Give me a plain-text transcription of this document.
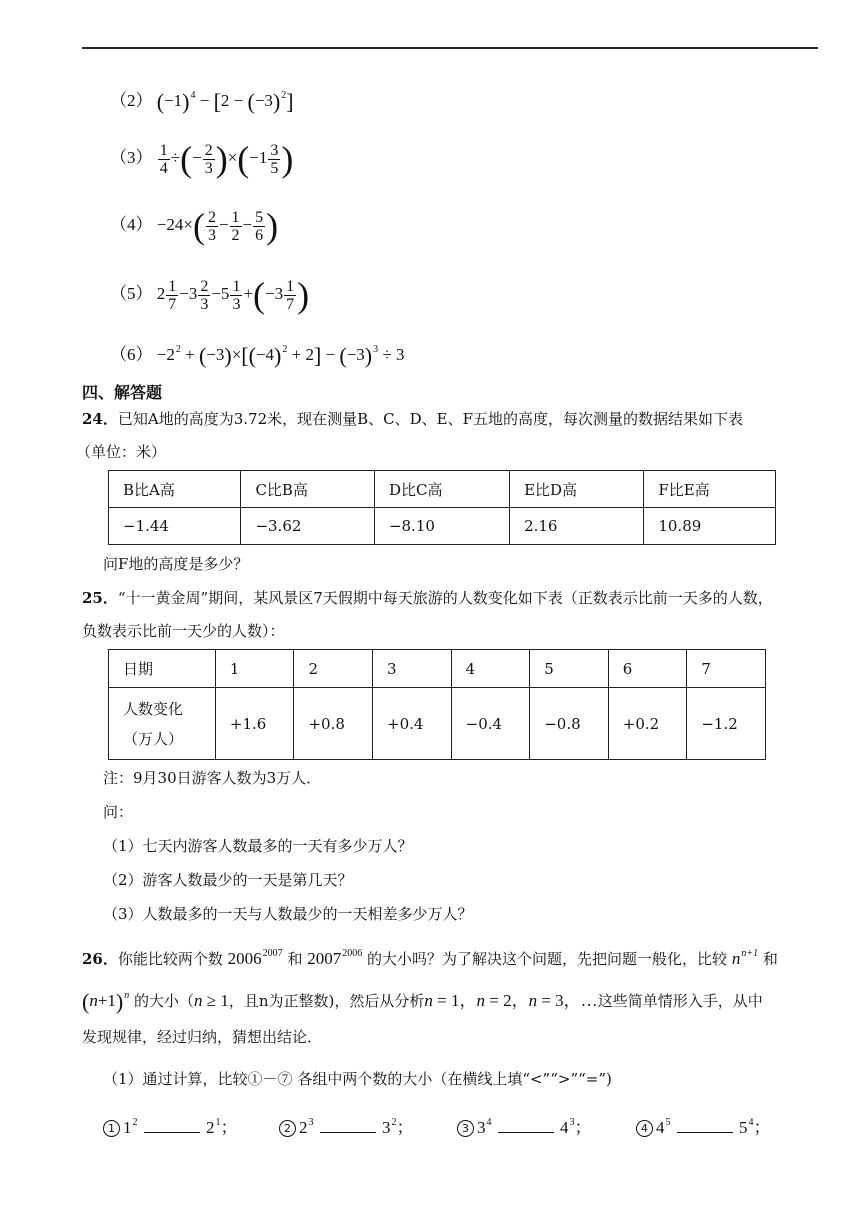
（2） $(-1)^4 - [2 - (-3)^2]$
$(3) \frac{1}{4}$ ÷(− $\frac{2}{3} )\times(-1 \frac{3}{5}$ )
$(4) -24\times( \frac{2}{3} - \frac{1}{2} - \frac{5}{6}$ )
（5） $2 \frac{1}{7} -3 \frac{2}{3} -5 \frac{1}{3} +(-3 \frac{1}{7}$ )
$(6) -2^2 + (-3)\times[(-4)^2 + 2] - (-3)^3 \div 3$
四、解答题
24．已知A地的高度为3.72米，现在测量B、C、D、E、F五地的高度，每次测量的数据结果如下表
（单位：米）
B比A高	C比B高	D比C高	E比D高	F比E高
−1.44	−3.62	−8.10	2.16	10.89
问F地的高度是多少？
25．“十一黄金周”期间，某风景区7天假期中每天旅游的人数变化如下表（正数表示比前一天多的人数，
负数表示比前一天少的人数）：
日期	1	2	3	4	5	6	7

人数变化
（万人）	+1.6	+0.8	+0.4	−0.4	−0.8	+0.2	−1.2
注：9月30日游客人数为3万人．
问：
（1）七天内游客人数最多的一天有多少万人？
（2）游客人数最少的一天是第几天？
（3）人数最多的一天与人数最少的一天相差多少万人？
26．你能比较两个数 $2006^{2007}$ 和 $2007^{2006}$ 的大小吗？为了解决这个问题，先把问题一般化，比较 $n^{n+1}$ 和
$(n+1)^n$ 的大小（n ≥ 1，且n为正整数)，然后从分析n = 1，n = 2，n = 3，…这些简单情形入手，从中
发现规律，经过归纳，猜想出结论．
（1）通过计算，比较①－⑦ 各组中两个数的大小（在横线上填“<”“>”“=”)
1 $1^2$	$2^1$；	2 $2^3$	$3^2$；	3 $3^4$	$4^3$；	4 $4^5$	$5^4$；
